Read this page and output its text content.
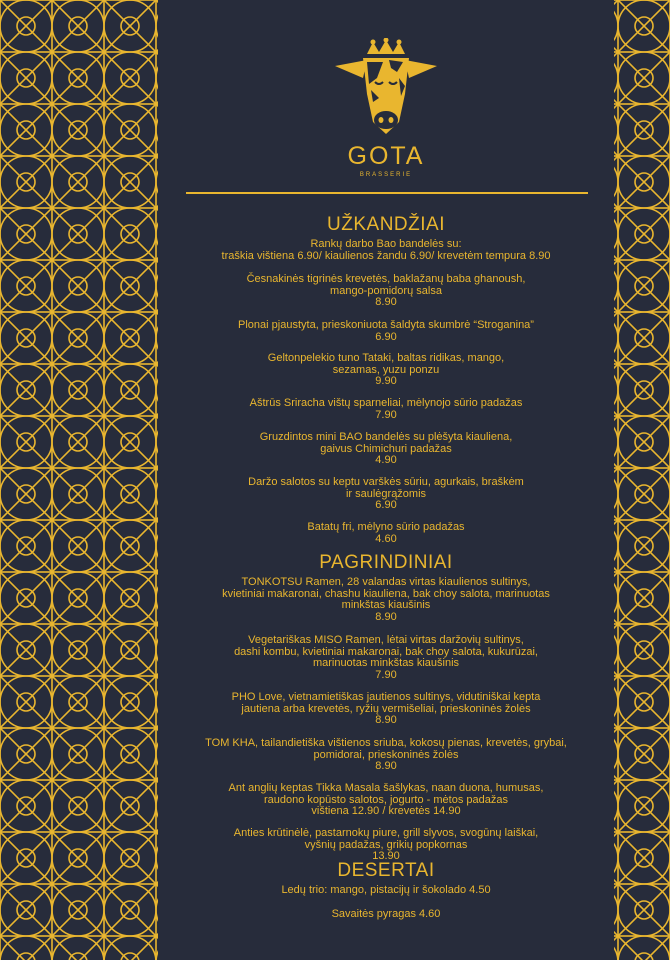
GOTA
BRASSERIE
UŽKANDŽIAI
Rankų darbo Bao bandelės su:
traškia vištiena 6.90/ kiaulienos žandu 6.90/ krevetėm tempura 8.90
Česnakinės tigrinės krevetės, baklažanų baba ghanoush,
mango-pomidorų salsa
8.90
Plonai pjaustyta, prieskoniuota šaldyta skumbrė “Stroganina”
6.90
Geltonpelekio tuno Tataki, baltas ridikas, mango,
sezamas, yuzu ponzu
9.90
Aštrūs Sriracha vištų sparneliai, mėlynojo sūrio padažas
7.90
Gruzdintos mini BAO bandelės su plėšyta kiauliena,
gaivus Chimichuri padažas
4.90
Daržo salotos su keptu varškės sūriu, agurkais, braškėm
ir saulėgrąžomis
6.90
Batatų fri, mėlyno sūrio padažas
4.60
PAGRINDINIAI
TONKOTSU Ramen, 28 valandas virtas kiaulienos sultinys,
kvietiniai makaronai, chashu kiauliena, bak choy salota, marinuotas
minkštas kiaušinis
8.90
Vegetariškas MISO Ramen, lėtai virtas daržovių sultinys,
dashi kombu, kvietiniai makaronai, bak choy salota, kukurūzai,
marinuotas minkštas kiaušinis
7.90
PHO Love, vietnamietiškas jautienos sultinys, vidutiniškai kepta
jautiena arba krevetės, ryžių vermišeliai, prieskoninės žolės
8.90
TOM KHA, tailandietiška vištienos sriuba, kokosų pienas, krevetės, grybai,
pomidorai, prieskoninės žolės
8.90
Ant anglių keptas Tikka Masala šašlykas, naan duona, humusas,
raudono kopūsto salotos, jogurto - mėtos padažas
vištiena 12.90 / krevetės 14.90
Anties krūtinėlė, pastarnokų piure, grill slyvos, svogūnų laiškai,
vyšnių padažas, grikių popkornas
13.90
DESERTAI
Ledų trio: mango, pistacijų ir šokolado 4.50
Savaitės pyragas 4.60
